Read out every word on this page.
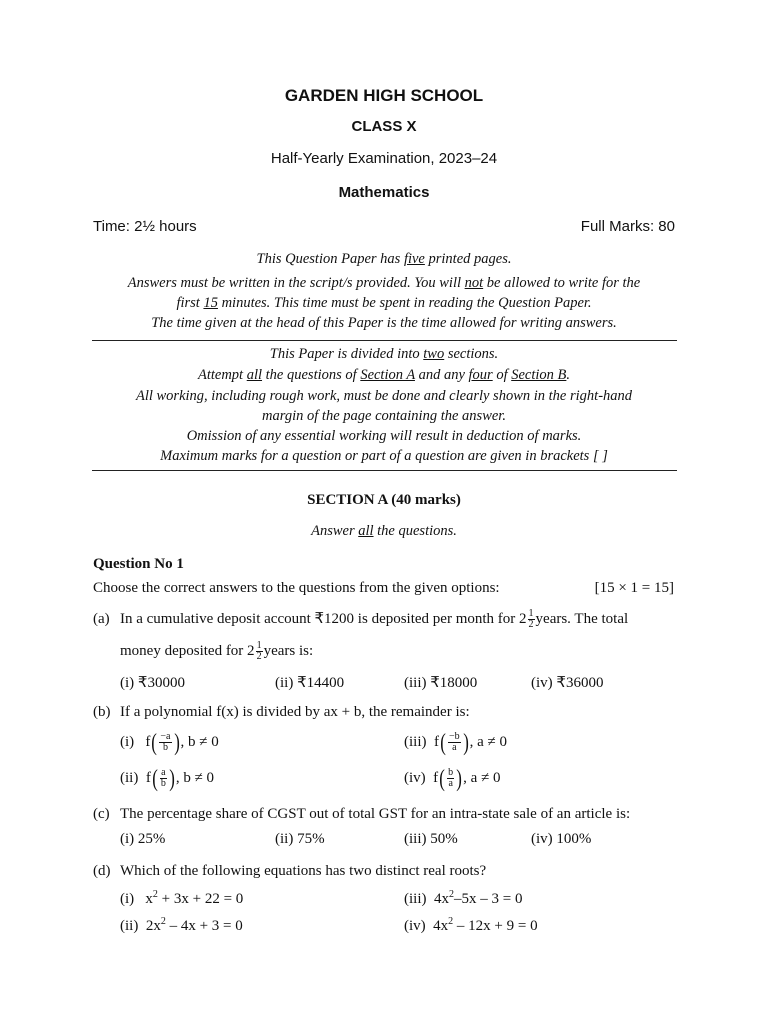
GARDEN HIGH SCHOOL
CLASS X
Half-Yearly Examination, 2023–24
Mathematics
Time: 2½ hours	Full Marks: 80
This Question Paper has five printed pages.
Answers must be written in the script/s provided. You will not be allowed to write for the
first 15 minutes. This time must be spent in reading the Question Paper.
The time given at the head of this Paper is the time allowed for writing answers.
This Paper is divided into two sections.
Attempt all the questions of Section A and any four of Section B.
All working, including rough work, must be done and clearly shown in the right-hand
margin of the page containing the answer.
Omission of any essential working will result in deduction of marks.
Maximum marks for a question or part of a question are given in brackets [ ]
SECTION A (40 marks)
Answer all the questions.
Question No 1
Choose the correct answers to the questions from the given options:	[15 × 1 = 15]
(a) In a cumulative deposit account ₹1200 is deposited per month for $2 \frac{1}{2}$ years. The total
money deposited for $2 \frac{1}{2}$ years is:
(i) ₹30000	(ii) ₹14400	(iii) ₹18000	(iv) ₹36000
(b) If a polynomial f(x) is divided by ax + b, the remainder is:
(i) $f( \frac{-a}{b}$ ), b ≠ 0	(iii) $f( \frac{-b}{a}$ ), a ≠ 0
(ii) $f( \frac{a}{b}$ ), b ≠ 0	(iv) $f( \frac{b}{a}$ ), a ≠ 0
(c) The percentage share of CGST out of total GST for an intra-state sale of an article is:
(i) 25%	(ii) 75%	(iii) 50%	(iv) 100%
(d) Which of the following equations has two distinct real roots?
(i) $x^2 + 3x + 22 = 0$	(iii) $4x^2-5x - 3 = 0$
(ii) $2x^2 - 4x + 3 = 0$	(iv) $4x^2 - 12x + 9 = 0$
